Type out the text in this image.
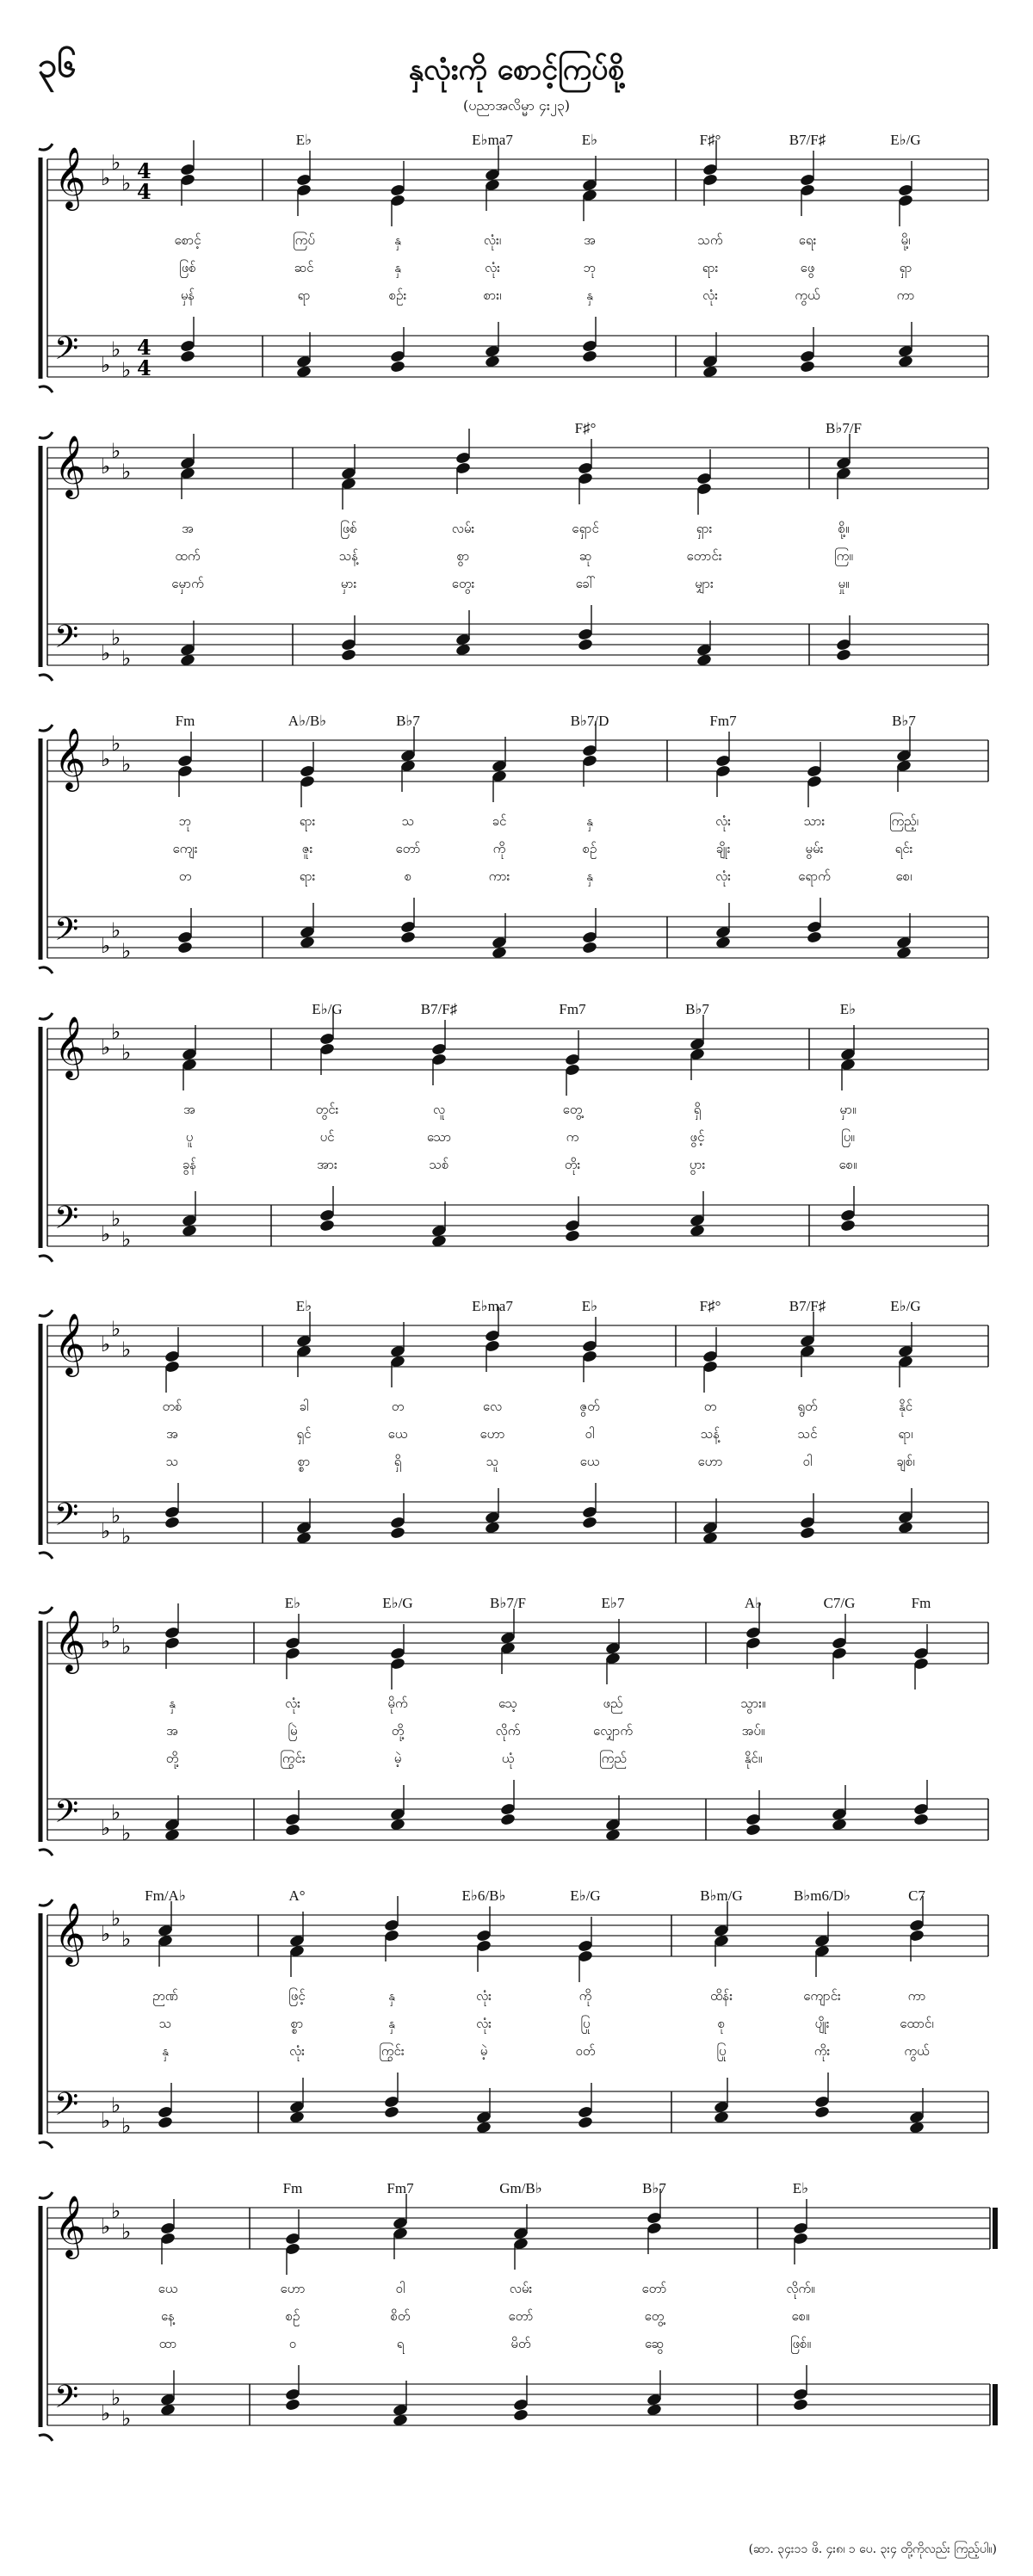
၃၆	နှလုံးကို စောင့်ကြပ်စို့
(ပညာအလိမ္မာ ၄း၂၃)
𝄞
𝄢
♭
♭
♭
♭
♭
♭
4
4
4
4
E♭	E♭ma7	E♭	F♯°	B7/F♯	E♭/G
စောင့်	ကြပ်	နှ	လုံး၊	အ	သက်	ရေး	မို့၊
ဖြစ်	ဆင်	နှ	လုံး	ဘု	ရား	ဖွေ	ရှာ
မှန်	ရာ	စဉ်း	စား၊	နှ	လုံး	ကွယ်	ကာ
𝄞
𝄢
♭
♭
♭
♭
♭
♭
F♯°	B♭7/F
အ	ဖြစ်	လမ်း	ရှောင်	ရှား	စို့။
ထက်	သန့်	စွာ	ဆု	တောင်း	ကြ။
မှောက်	မှား	တွေး	ခေါ်	မျှား	မှု။
𝄞
𝄢
♭
♭
♭
♭
♭
♭
Fm	A♭/B♭	B♭7	B♭7/D	Fm7	B♭7
ဘု	ရား	သ	ခင်	နှ	လုံး	သား	ကြည့်၊
ကျေး	ဇူး	တော်	ကို	စဉ်	ချိုး	မွမ်း	ရင်း
တ	ရား	စ	ကား	နှ	လုံး	ရောက်	စေ၊
𝄞
𝄢
♭
♭
♭
♭
♭
♭
E♭/G	B7/F♯	Fm7	B♭7	E♭
အ	တွင်း	လူ	တွေ့	ရှိ	မှာ။
ပူ	ပင်	သော	က	ဖွင့်	ပြ။
ခွန်	အား	သစ်	တိုး	ပွား	စေ။
𝄞
𝄢
♭
♭
♭
♭
♭
♭
E♭	E♭ma7	E♭	F♯°	B7/F♯	E♭/G
တစ်	ခါ	တ	လေ	ဇွတ်	တ	ရွတ်	နိုင်
အ	ရှင်	ယေ	ဟော	ဝါ	သန့်	သင်	ရာ၊
သ	စ္စာ	ရှိ	သူ	ယေ	ဟော	ဝါ	ချစ်၊
𝄞
𝄢
♭
♭
♭
♭
♭
♭
E♭	E♭/G	B♭7/F	E♭7	A♭	C7/G	Fm
နှ	လုံး	မိုက်	သေ့	ဖည်	သွား။
အ	မြဲ	တို့	လိုက်	လျှောက်	အပ်။
တို့	ကြွင်း	မဲ့	ယုံ	ကြည်	နိုင်။
𝄞
𝄢
♭
♭
♭
♭
♭
♭
Fm/A♭	A°	E♭6/B♭	E♭/G	B♭m/G	B♭m6/D♭	C7
ဉာဏ်	ဖြင့်	နှ	လုံး	ကို	ထိန်း	ကျောင်း	ကာ
သ	စ္စာ	နှ	လုံး	ပြု	စု	ပျိုး	ထောင်၊
နှ	လုံး	ကြွင်း	မဲ့	ဝတ်	ပြု	ကိုး	ကွယ်
𝄞
𝄢
♭
♭
♭
♭
♭
♭
Fm	Fm7	Gm/B♭	B♭7	E♭
ယေ	ဟော	ဝါ	လမ်း	တော်	လိုက်။
နေ့	စဉ်	စိတ်	တော်	တွေ့	စေ။
ထာ	ဝ	ရ	မိတ်	ဆွေ	ဖြစ်။
(ဆာ. ၃၄း၁၁ ဖိ. ၄း၈၊ ၁ ပေ. ၃း၄ တို့ကိုလည်း ကြည့်ပါ။)
